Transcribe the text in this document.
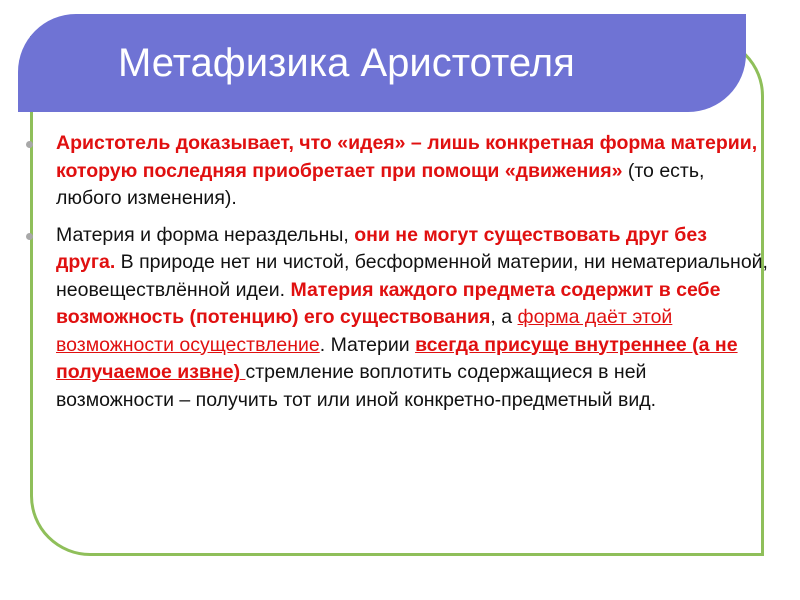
Метафизика Аристотеля
Аристотель доказывает, что «идея» – лишь конкретная форма материи, которую последняя приобретает при помощи «движения» (то есть, любого изменения).
Материя и форма нераздельны, они не могут существовать друг без друга. В природе нет ни чистой, бесформенной материи, ни нематериальной, неовеществлённой идеи. Материя каждого предмета содержит в себе возможность (потенцию) его существования, а форма даёт этой возможности осуществление. Материи всегда присуще внутреннее (а не получаемое извне) стремление воплотить содержащиеся в ней возможности – получить тот или иной конкретно-предметный вид.
